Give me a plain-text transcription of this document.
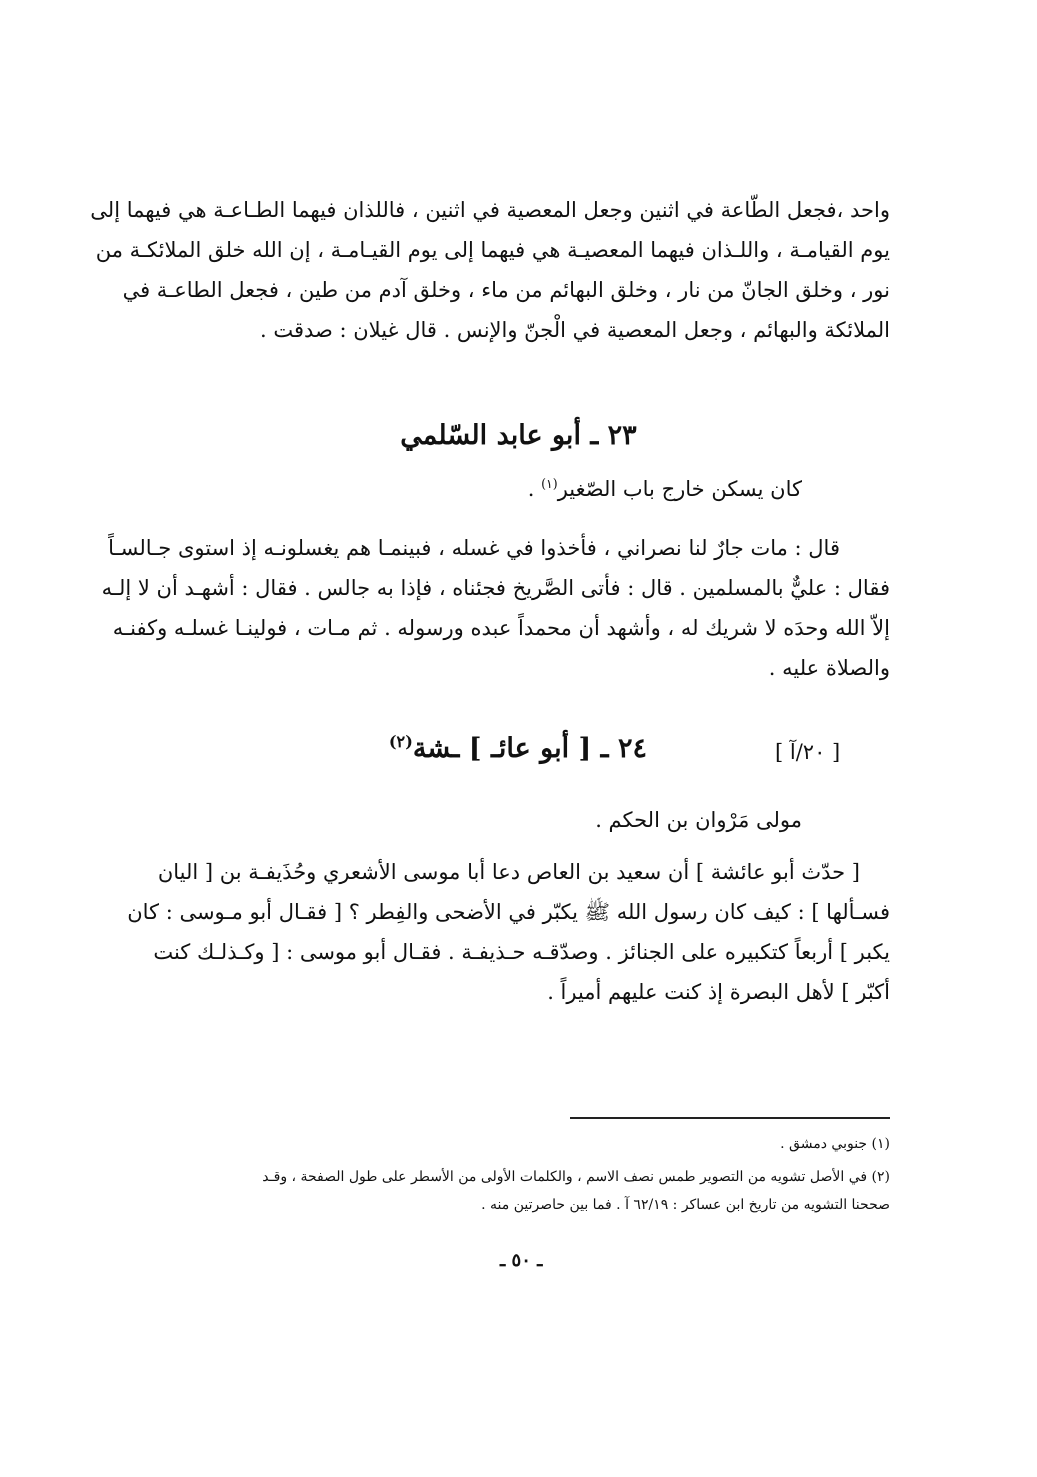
واحد ،فجعل الطّاعة في اثنين وجعل المعصية في اثنين ، فاللذان فيهما الطـاعـة هي فيهما إلى
يوم القيامـة ، واللـذان فيهما المعصيـة هي فيهما إلى يوم القيـامـة ، إن الله خلق الملائكـة من
نور ، وخلق الجانّ من نار ، وخلق البهائم من ماء ، وخلق آدم من طين ، فجعل الطاعـة في
الملائكة والبهائم ، وجعل المعصية في الْجنّ والإنس . قال غيلان : صدقت .
٢٣ ـ أبو عابد السّلمي
كان يسكن خارج باب الصّغير$^{(١)}$ .
قال : مات جارٌ لنا نصراني ، فأخذوا في غسله ، فبينمـا هم يغسلونـه إذ استوى جـالسـاً
فقال : عليٌّ بالمسلمين . قال : فأتى الصَّريخ فجئناه ، فإذا به جالس . فقال : أشهـد أن لا إلـه
إلاّ الله وحدَه لا شريك له ، وأشهد أن محمداً عبده ورسوله . ثم مـات ، فولينـا غسلـه وكفنـه
والصلاة عليه .
[ ٢٠/آ ]
٢٤ ـ [ أبو عائـ ] ـشة$^{(٢)}$
مولى مَرْوان بن الحكم .
[ حدّث أبو عائشة ] أن سعيد بن العاص دعا أبا موسى الأشعري وحُذَيفـة بن [ اليان
فسـألها ] : كيف كان رسول الله ﷺ يكبّر في الأضحى والفِطر ؟ [ فقـال أبو مـوسى : كان
يكبر ] أربعاً كتكبيره على الجنائز . وصدّقـه حـذيفـة . فقـال أبو موسى : [ وكـذلـك كنت
أكبّر ] لأهل البصرة إذ كنت عليهم أميراً .
(١) جنوبي دمشق .
(٢) في الأصل تشويه من التصوير طمس نصف الاسم ، والكلمات الأولى من الأسطر على طول الصفحة ، وقـد
صححنا التشويه من تاريخ ابن عساكر : ٦٢/١٩ آ . فما بين حاصرتين منه .
ـ ٥٠ ـ
